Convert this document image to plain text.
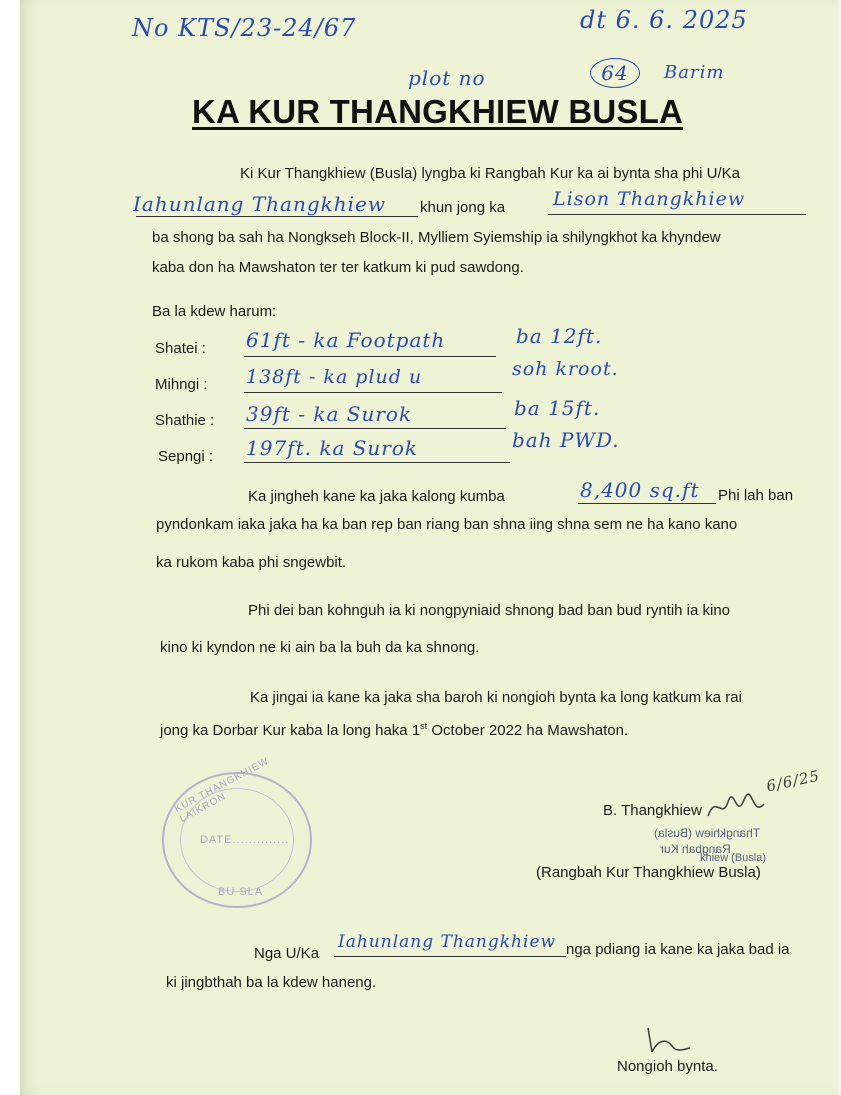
No KTS/23-24/67	dt 6. 6. 2025
plot no	64	Barim
KA KUR THANGKHIEW BUSLA
Ki Kur Thangkhiew (Busla) lyngba ki Rangbah Kur ka ai bynta sha phi U/Ka
Iahunlang Thangkhiew khun jong ka	Lison Thangkhiew
ba shong ba sah ha Nongkseh Block-II, Mylliem Syiemship ia shilyngkhot ka khyndew
kaba don ha Mawshaton ter ter katkum ki pud sawdong.
Ba la kdew harum:
Shatei : 61ft - ka Footpath	ba 12ft.
Mihngi : 138ft - ka plud u	soh kroot.
Shathie : 39ft - ka Surok	ba 15ft.
Sepngi : 197ft. ka Surok	bah PWD.
Ka jingheh kane ka jaka kalong kumba	8,400 sq.ft Phi lah ban
pyndonkam iaka jaka ha ka ban rep ban riang ban shna iing shna sem ne ha kano kano
ka rukom kaba phi sngewbit.
Phi dei ban kohnguh ia ki nongpyniaid shnong bad ban bud ryntih ia kino
kino ki kyndon ne ki ain ba la buh da ka shnong.
Ka jingai ia kane ka jaka sha baroh ki nongioh bynta ka long katkum ka rai
jong ka Dorbar Kur kaba la long haka 1st October 2022 ha Mawshaton.
KUR THANGKHIEW LAIKRON
DATE..............
BU SLA
B. Thangkhiew
6/6/25
Thangkhiew (Busla)
Rangbah Kur
khiew (Busla)
(Rangbah Kur Thangkhiew Busla)
Nga U/Ka
Iahunlang Thangkhiew nga pdiang ia kane ka jaka bad ia
ki jingbthah ba la kdew haneng.
Nongioh bynta.
